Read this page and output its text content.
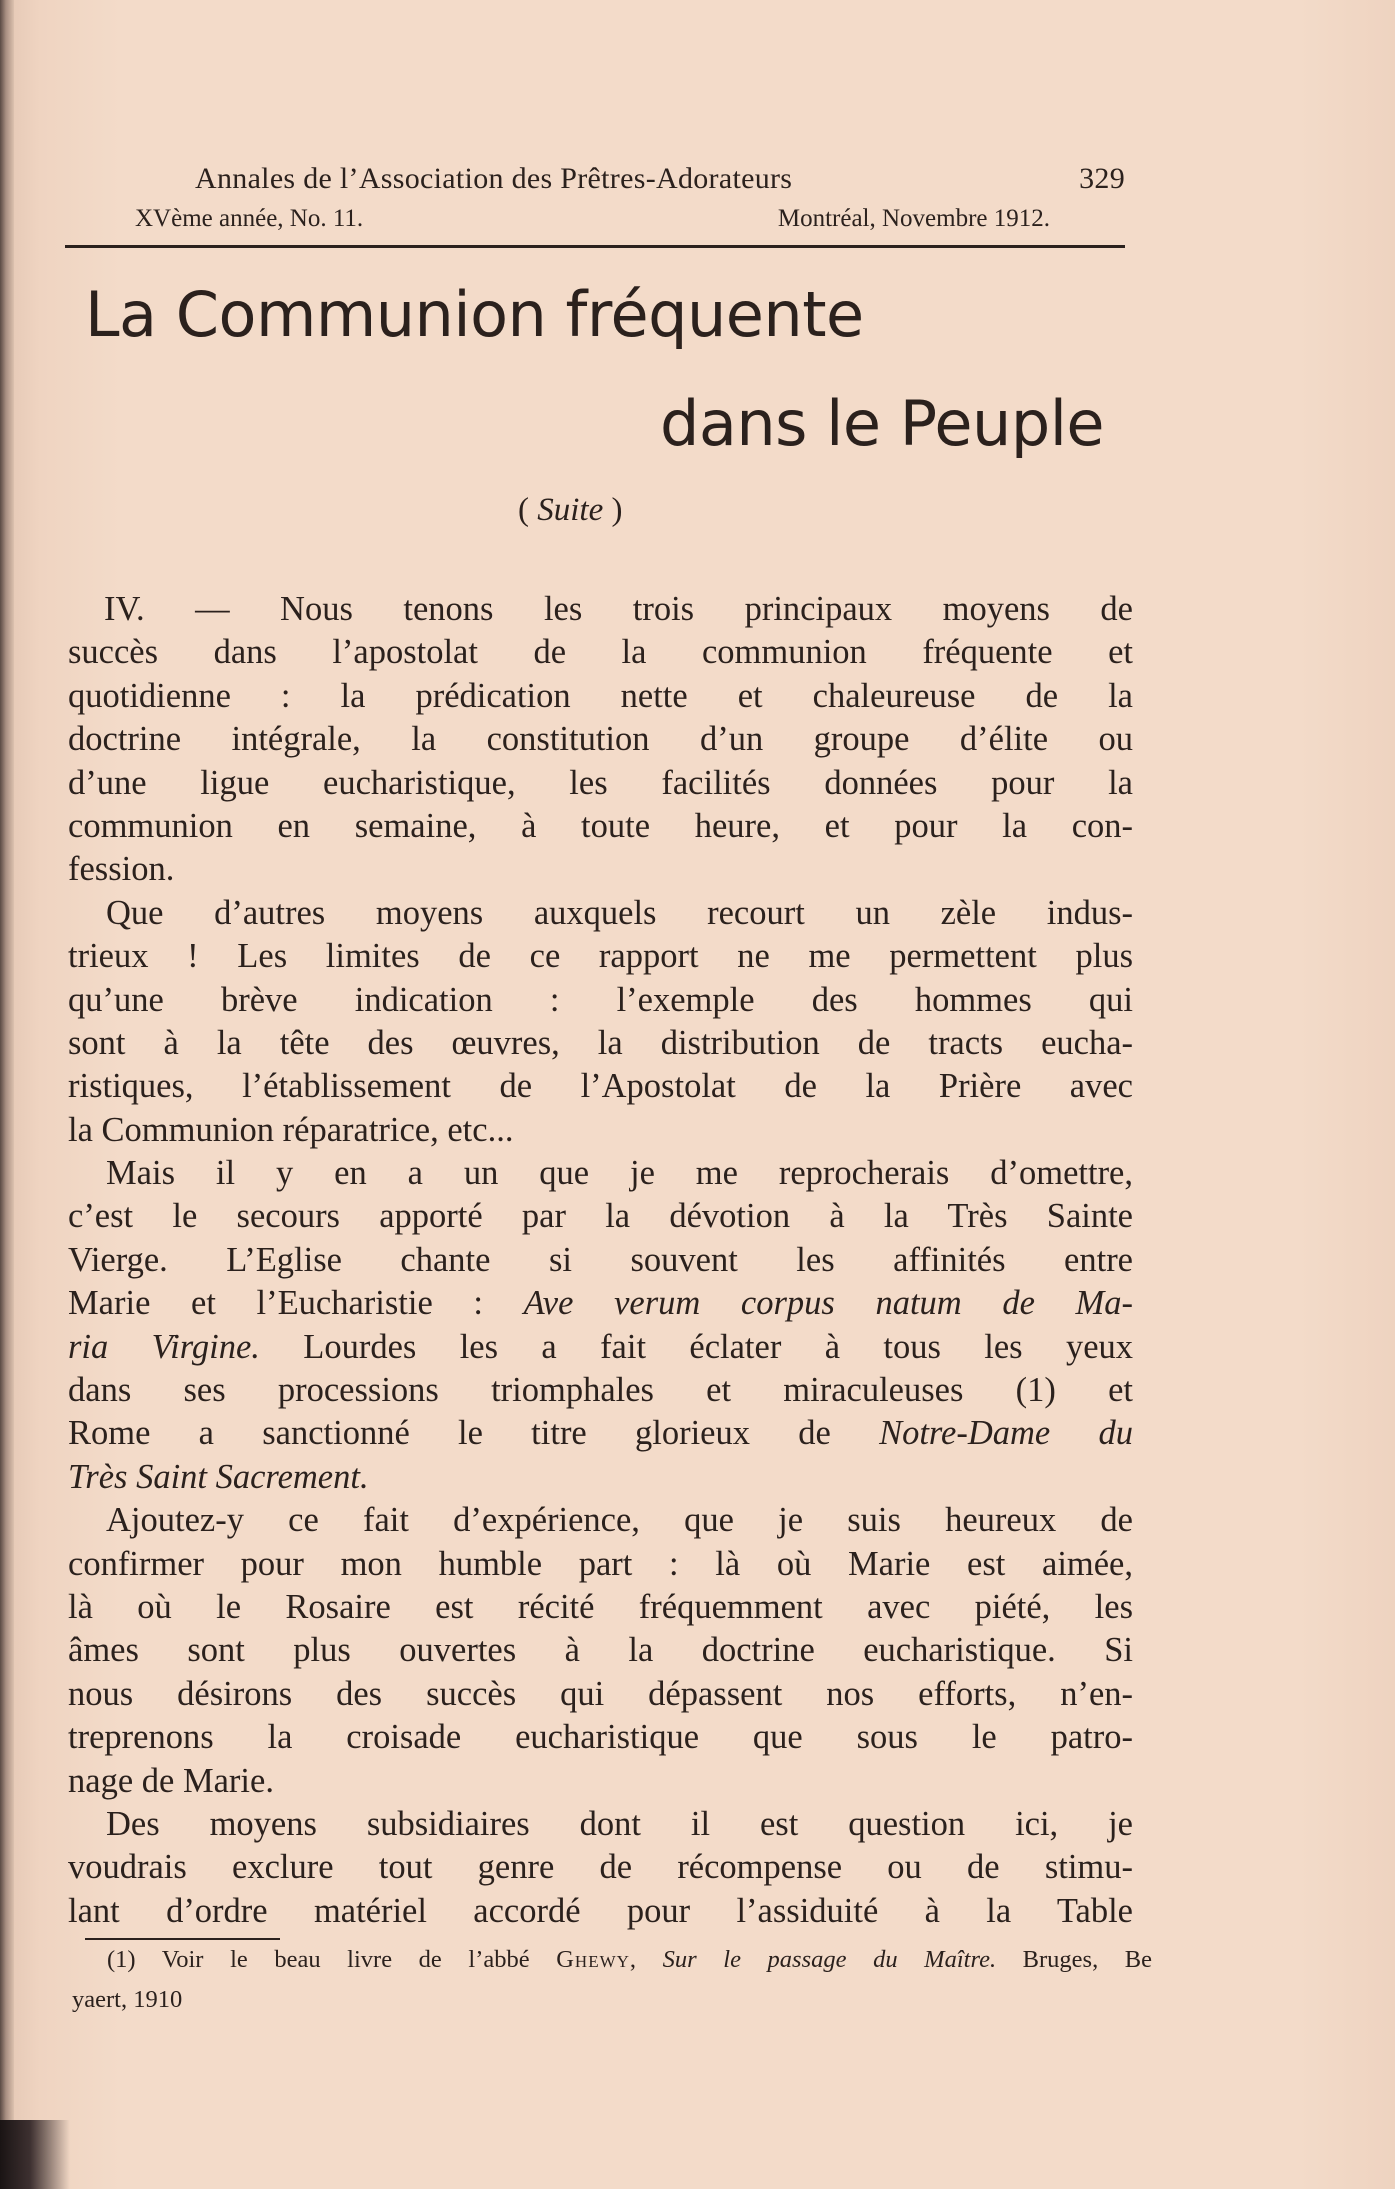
Annales de l’Association des Prêtres-Adorateurs	329
XVème année, No. 11.	Montréal, Novembre 1912.
La Communion fréquente
dans le Peuple
( Suite )
IV. — Nous tenons les trois principaux moyens de
succès dans l’apostolat de la communion fréquente et
quotidienne : la prédication nette et chaleureuse de la
doctrine intégrale, la constitution d’un groupe d’élite ou
d’une ligue eucharistique, les facilités données pour la
communion en semaine, à toute heure, et pour la con-
fession.
Que d’autres moyens auxquels recourt un zèle indus-
trieux ! Les limites de ce rapport ne me permettent plus
qu’une brève indication : l’exemple des hommes qui
sont à la tête des œuvres, la distribution de tracts eucha-
ristiques, l’établissement de l’Apostolat de la Prière avec
la Communion réparatrice, etc...
Mais il y en a un que je me reprocherais d’omettre,
c’est le secours apporté par la dévotion à la Très Sainte
Vierge. L’Eglise chante si souvent les affinités entre
Marie et l’Eucharistie : Ave verum corpus natum de Ma-
ria Virgine. Lourdes les a fait éclater à tous les yeux
dans ses processions triomphales et miraculeuses (1) et
Rome a sanctionné le titre glorieux de Notre-Dame du
Très Saint Sacrement.
Ajoutez-y ce fait d’expérience, que je suis heureux de
confirmer pour mon humble part : là où Marie est aimée,
là où le Rosaire est récité fréquemment avec piété, les
âmes sont plus ouvertes à la doctrine eucharistique. Si
nous désirons des succès qui dépassent nos efforts, n’en-
treprenons la croisade eucharistique que sous le patro-
nage de Marie.
Des moyens subsidiaires dont il est question ici, je
voudrais exclure tout genre de récompense ou de stimu-
lant d’ordre matériel accordé pour l’assiduité à la Table
(1) Voir le beau livre de l’abbé Ghewy, Sur le passage du Maître. Bruges, Be
yaert, 1910
